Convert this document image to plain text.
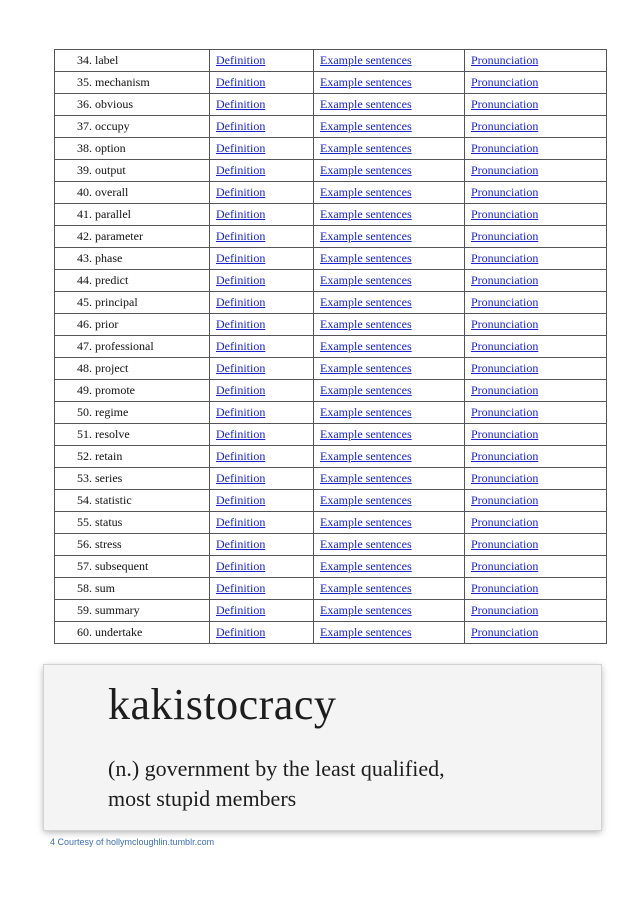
34. label	Definition	Example sentences	Pronunciation
35. mechanism	Definition	Example sentences	Pronunciation
36. obvious	Definition	Example sentences	Pronunciation
37. occupy	Definition	Example sentences	Pronunciation
38. option	Definition	Example sentences	Pronunciation
39. output	Definition	Example sentences	Pronunciation
40. overall	Definition	Example sentences	Pronunciation
41. parallel	Definition	Example sentences	Pronunciation
42. parameter	Definition	Example sentences	Pronunciation
43. phase	Definition	Example sentences	Pronunciation
44. predict	Definition	Example sentences	Pronunciation
45. principal	Definition	Example sentences	Pronunciation
46. prior	Definition	Example sentences	Pronunciation
47. professional	Definition	Example sentences	Pronunciation
48. project	Definition	Example sentences	Pronunciation
49. promote	Definition	Example sentences	Pronunciation
50. regime	Definition	Example sentences	Pronunciation
51. resolve	Definition	Example sentences	Pronunciation
52. retain	Definition	Example sentences	Pronunciation
53. series	Definition	Example sentences	Pronunciation
54. statistic	Definition	Example sentences	Pronunciation
55. status	Definition	Example sentences	Pronunciation
56. stress	Definition	Example sentences	Pronunciation
57. subsequent	Definition	Example sentences	Pronunciation
58. sum	Definition	Example sentences	Pronunciation
59. summary	Definition	Example sentences	Pronunciation
60. undertake	Definition	Example sentences	Pronunciation
kakistocracy
(n.) government by the least qualified,
most stupid members
4 Courtesy of hollymcloughlin.tumblr.com
